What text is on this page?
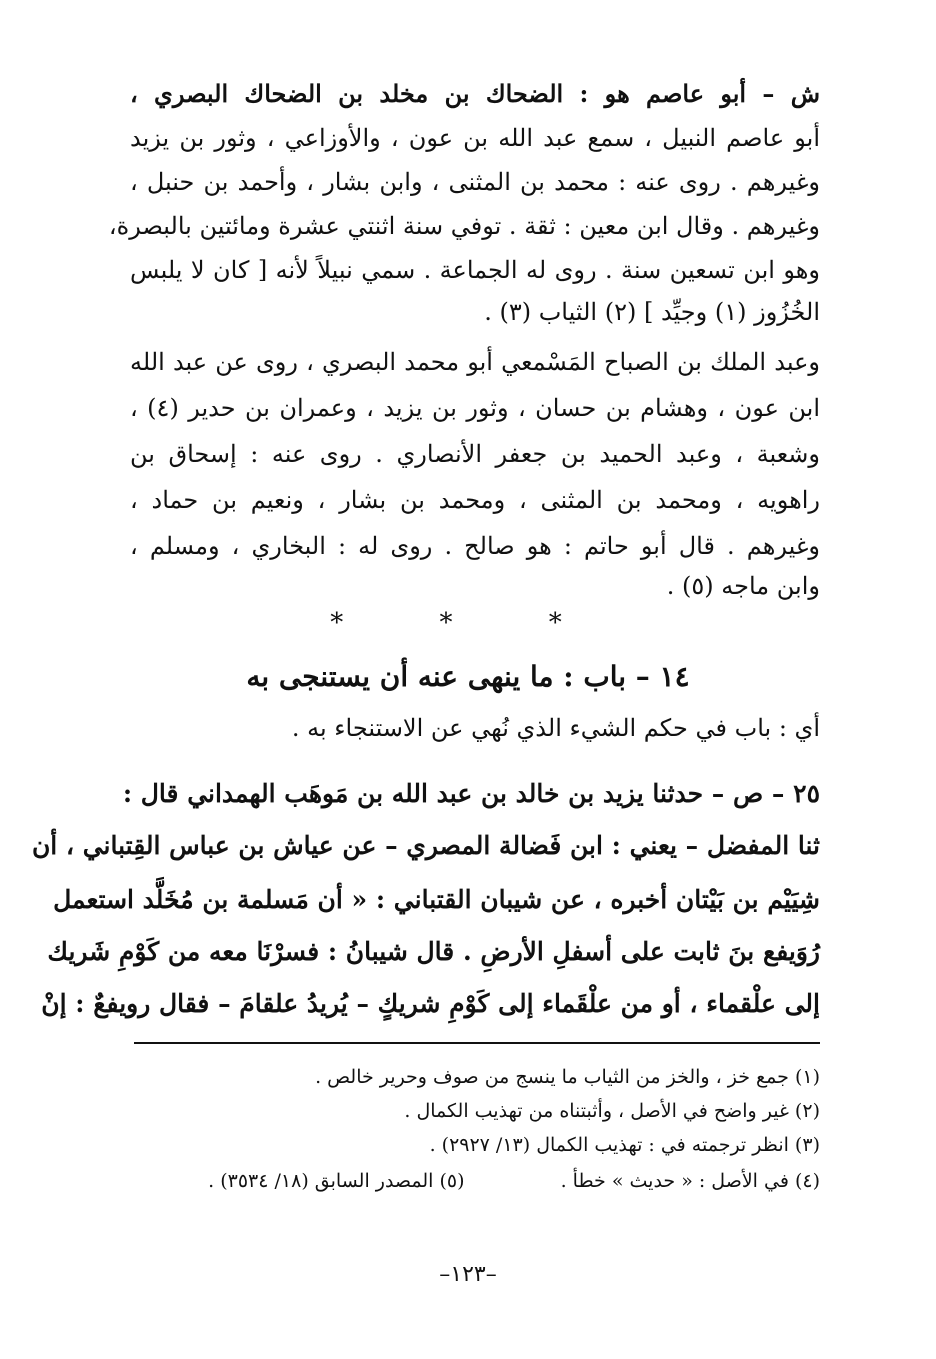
ش – أبو عاصم هو : الضحاك بن مخلد بن الضحاك البصري ،
أبو عاصم النبيل ، سمع عبد الله بن عون ، والأوزاعي ، وثور بن يزيد
وغيرهم . روى عنه : محمد بن المثنى ، وابن بشار ، وأحمد بن حنبل ،
وغيرهم . وقال ابن معين : ثقة . توفي سنة اثنتي عشرة ومائتين بالبصرة،
وهو ابن تسعين سنة . روى له الجماعة . سمي نبيلاً لأنه [ كان لا يلبس
الخُزُوز (١) وجيِّد ] (٢) الثياب (٣) .
وعبد الملك بن الصباح المَسْمعي أبو محمد البصري ، روى عن عبد الله
ابن عون ، وهشام بن حسان ، وثور بن يزيد ، وعمران بن حدير (٤) ،
وشعبة ، وعبد الحميد بن جعفر الأنصاري . روى عنه : إسحاق بن
راهويه ، ومحمد بن المثنى ، ومحمد بن بشار ، ونعيم بن حماد ،
وغيرهم . قال أبو حاتم : هو صالح . روى له : البخاري ، ومسلم ،
وابن ماجه (٥) .
* * *
١٤ – باب : ما ينهى عنه أن يستنجى به
أي : باب في حكم الشيء الذي نُهي عن الاستنجاء به .
٢٥ – ص – حدثنا يزيد بن خالد بن عبد الله بن مَوهَب الهمداني قال :
ثنا المفضل – يعني : ابن فَضالة المصري – عن عياش بن عباس القِتباني ، أن
شِيَيْم بن بَيْتان أخبره ، عن شيبان القتباني : « أن مَسلمة بن مُخَلَّد استعمل
رُوَيفع بنَ ثابت على أسفلِ الأرضِ . قال شيبانُ : فسرْنَا معه من كَوْمِ شَريك
إلى علْقماء ، أو من علْقَماء إلى كَوْمِ شريكٍ – يُريدُ علقامَ – فقال رويفعٌ : إنْ
(١) جمع خز ، والخز من الثياب ما ينسج من صوف وحرير خالص .
(٢) غير واضح في الأصل ، وأثبتناه من تهذيب الكمال .
(٣) انظر ترجمته في : تهذيب الكمال (١٣/ ٢٩٢٧) .
(٤) في الأصل : « حديث » خطأ . (٥) المصدر السابق (١٨/ ٣٥٣٤) .
–١٢٣–
